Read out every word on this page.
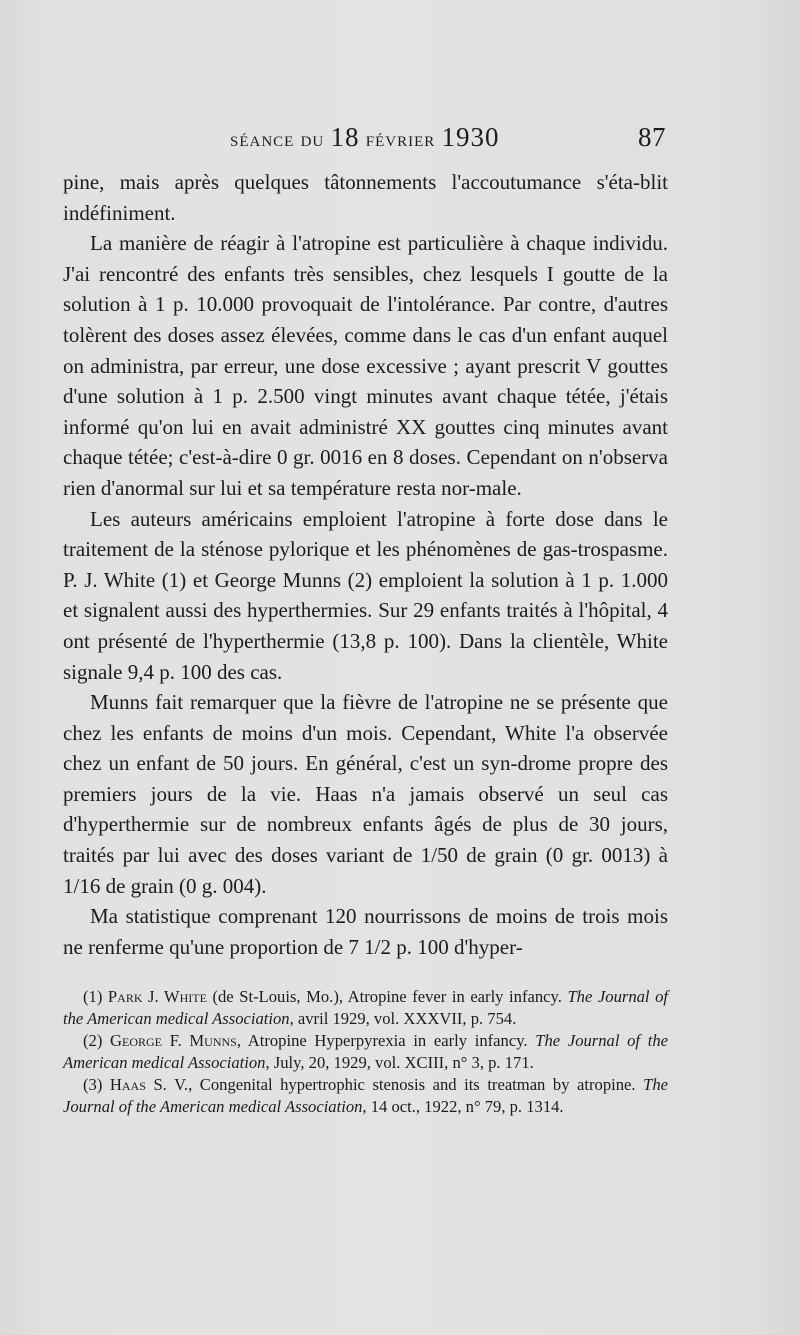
séance du 18 février 1930	87

pine, mais après quelques tâtonnements l'accoutumance s'éta-blit indéfiniment.

La manière de réagir à l'atropine est particulière à chaque individu. J'ai rencontré des enfants très sensibles, chez lesquels I goutte de la solution à 1 p. 10.000 provoquait de l'intolérance. Par contre, d'autres tolèrent des doses assez élevées, comme dans le cas d'un enfant auquel on administra, par erreur, une dose excessive ; ayant prescrit V gouttes d'une solution à 1 p. 2.500 vingt minutes avant chaque tétée, j'étais informé qu'on lui en avait administré XX gouttes cinq minutes avant chaque tétée; c'est-à-dire 0 gr. 0016 en 8 doses. Cependant on n'observa rien d'anormal sur lui et sa température resta nor-male.

Les auteurs américains emploient l'atropine à forte dose dans le traitement de la sténose pylorique et les phénomènes de gas-trospasme. P. J. White (1) et George Munns (2) emploient la solution à 1 p. 1.000 et signalent aussi des hyperthermies. Sur 29 enfants traités à l'hôpital, 4 ont présenté de l'hyperthermie (13,8 p. 100). Dans la clientèle, White signale 9,4 p. 100 des cas.

Munns fait remarquer que la fièvre de l'atropine ne se présente que chez les enfants de moins d'un mois. Cependant, White l'a observée chez un enfant de 50 jours. En général, c'est un syn-drome propre des premiers jours de la vie. Haas n'a jamais observé un seul cas d'hyperthermie sur de nombreux enfants âgés de plus de 30 jours, traités par lui avec des doses variant de 1/50 de grain (0 gr. 0013) à 1/16 de grain (0 g. 004).

Ma statistique comprenant 120 nourrissons de moins de trois mois ne renferme qu'une proportion de 7 1/2 p. 100 d'hyper-

(1) Park J. White (de St-Louis, Mo.), Atropine fever in early infancy. The Journal of the American medical Association, avril 1929, vol. XXXVII, p. 754.

(2) George F. Munns, Atropine Hyperpyrexia in early infancy. The Journal of the American medical Association, July, 20, 1929, vol. XCIII, n° 3, p. 171.

(3) Haas S. V., Congenital hypertrophic stenosis and its treatman by atropine. The Journal of the American medical Association, 14 oct., 1922, n° 79, p. 1314.
